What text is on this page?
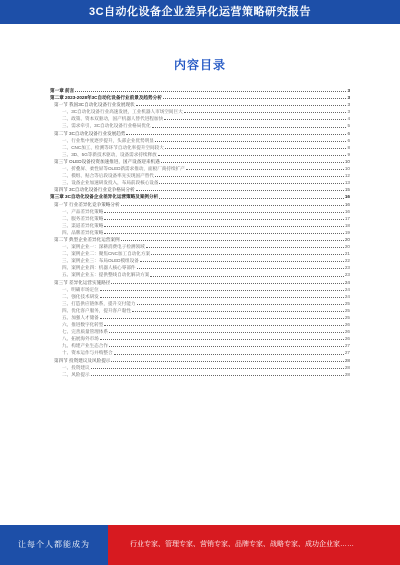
3C自动化设备企业差异化运营策略研究报告
内容目录
第一章 前言	3
第二章 2023-2028年3C自动化设备行业前景及趋势分析	3
第一节 我国3C自动化设备行业发展现状	3
一、3C自动化设备行业高速发展，工业机器人市场空间巨大	3
二、政策、资本双驱动，国产机器人替代进程加快	4
三、需求牵引，3C自动化设备行业格局优化	5
第二节 3C自动化设备行业发展趋势	6
一、行业集中度逐步提升，头部企业优势明显	6
二、CNC加工、检测等环节自动化率提升空间较大	8
三、3D、5G等新技术驱动，设备需求持续释放	9
第三节 OLED设备投资加速推进，国产设备迎来机遇	10
一、折叠屏、柔性屏等OLED新需求推动，面板厂商持续扩产	10
二、模组、贴合等后段设备率先实现国产替代	12
三、设备企业加速研发投入，布局前段核心设备	13
第四节 3C自动化设备行业竞争格局分析	15
第三章 3C自动化设备企业差异化运营策略及案例分析	16
第一节 行业差异化竞争策略分析	16
一、产品差异化策略	16
二、服务差异化策略	17
三、渠道差异化策略	18
四、品牌差异化策略	19
第二节 典型企业差异化运营案例	20
一、案例企业一：深耕消费电子检测领域	20
二、案例企业二：聚焦CNC加工自动化方案	21
三、案例企业三：布局OLED模组设备	22
四、案例企业四：机器人核心零部件	23
五、案例企业五：提供整线自动化解决方案	23
第三节 差异化运营实施路径	24
一、明确市场定位	24
二、强化技术研发	24
三、打造供应链体系，提升交付能力	25
四、优化客户服务，提升客户黏性	25
五、加强人才储备	25
六、推进数字化转型	26
七、完善质量管理体系	26
八、拓展海外市场	26
九、构建产业生态合作	27
十、资本运作与并购整合	27
第四节 投资建议及风险提示	28
一、投资建议	28
二、风险提示	28
让每个人都能成为	行业专家、管理专家、营销专家、品牌专家、战略专家、成功企业家……
